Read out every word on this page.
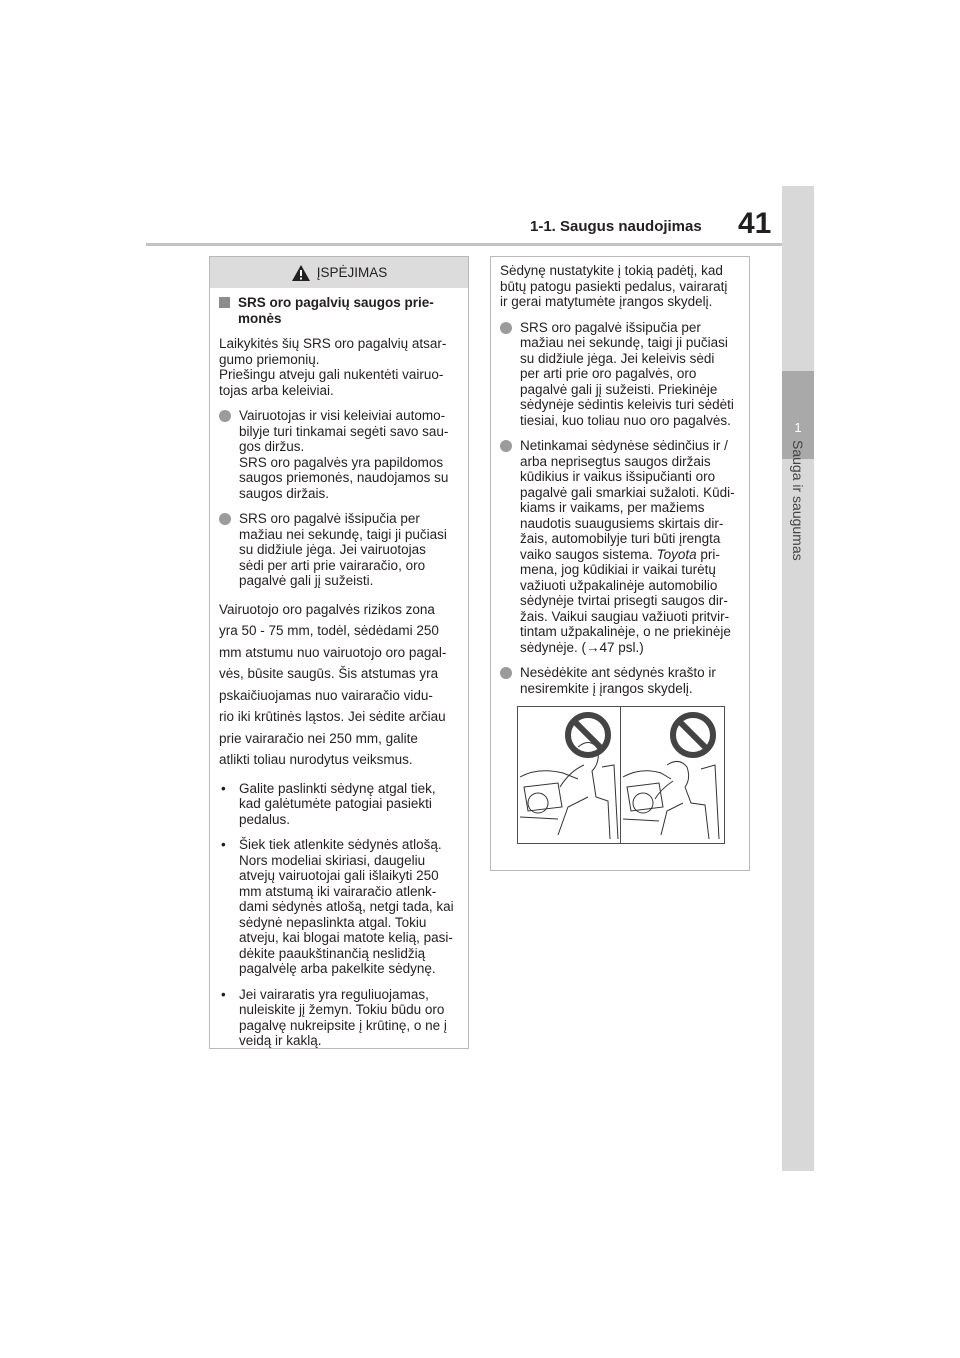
1
Sauga ir saugumas
1-1. Saugus naudojimas 41
ĮSPĖJIMAS
SRS oro pagalvių saugos prie-
monės

Laikykitės šių SRS oro pagalvių atsar-
gumo priemonių.
Priešingu atveju gali nukentėti vairuo-
tojas arba keleiviai.

Vairuotojas ir visi keleiviai automo-
bilyje turi tinkamai segėti savo sau-
gos diržus.
SRS oro pagalvės yra papildomos
saugos priemonės, naudojamos su
saugos diržais.
SRS oro pagalvė išsipučia per
mažiau nei sekundę, taigi ji pučiasi
su didžiule jėga. Jei vairuotojas
sėdi per arti prie vairaračio, oro
pagalvė gali jį sužeisti.
Vairuotojo oro pagalvės rizikos zona
yra 50 - 75 mm, todėl, sėdėdami 250
mm atstumu nuo vairuotojo oro pagal-
vės, būsite saugūs. Šis atstumas yra
pskaičiuojamas nuo vairaračio vidu-
rio iki krūtinės ląstos. Jei sėdite arčiau
prie vairaračio nei 250 mm, galite
atlikti toliau nurodytus veiksmus.
• Galite paslinkti sėdynę atgal tiek,
kad galėtumėte patogiai pasiekti
pedalus.
• Šiek tiek atlenkite sėdynės atlošą.
Nors modeliai skiriasi, daugeliu
atvejų vairuotojai gali išlaikyti 250
mm atstumą iki vairaračio atlenk-
dami sėdynės atlošą, netgi tada, kai
sėdynė nepaslinkta atgal. Tokiu
atveju, kai blogai matote kelią, pasi-
dėkite paaukštinančią neslidžią
pagalvėlę arba pakelkite sėdynę.
• Jei vairaratis yra reguliuojamas,
nuleiskite jį žemyn. Tokiu būdu oro
pagalvę nukreipsite į krūtinę, o ne į
veidą ir kaklą.

Sėdynę nustatykite į tokią padėtį, kad
būtų patogu pasiekti pedalus, vairaratį
ir gerai matytumėte įrangos skydelį.

SRS oro pagalvė išsipučia per
mažiau nei sekundę, taigi ji pučiasi
su didžiule jėga. Jei keleivis sėdi
per arti prie oro pagalvės, oro
pagalvė gali jį sužeisti. Priekinėje
sėdynėje sėdintis keleivis turi sėdėti
tiesiai, kuo toliau nuo oro pagalvės.
Netinkamai sėdynėse sėdinčius ir /
arba neprisegtus saugos diržais
kūdikius ir vaikus išsipučianti oro
pagalvė gali smarkiai sužaloti. Kūdi-
kiams ir vaikams, per mažiems
naudotis suaugusiems skirtais dir-
žais, automobilyje turi būti įrengta
vaiko saugos sistema. Toyota pri-
mena, jog kūdikiai ir vaikai turėtų
važiuoti užpakalinėje automobilio
sėdynėje tvirtai prisegti saugos dir-
žais. Vaikui saugiau važiuoti pritvir-
tintam užpakalinėje, o ne priekinėje
sėdynėje. (→47 psl.)
Nesėdėkite ant sėdynės krašto ir
nesiremkite į įrangos skydelį.
